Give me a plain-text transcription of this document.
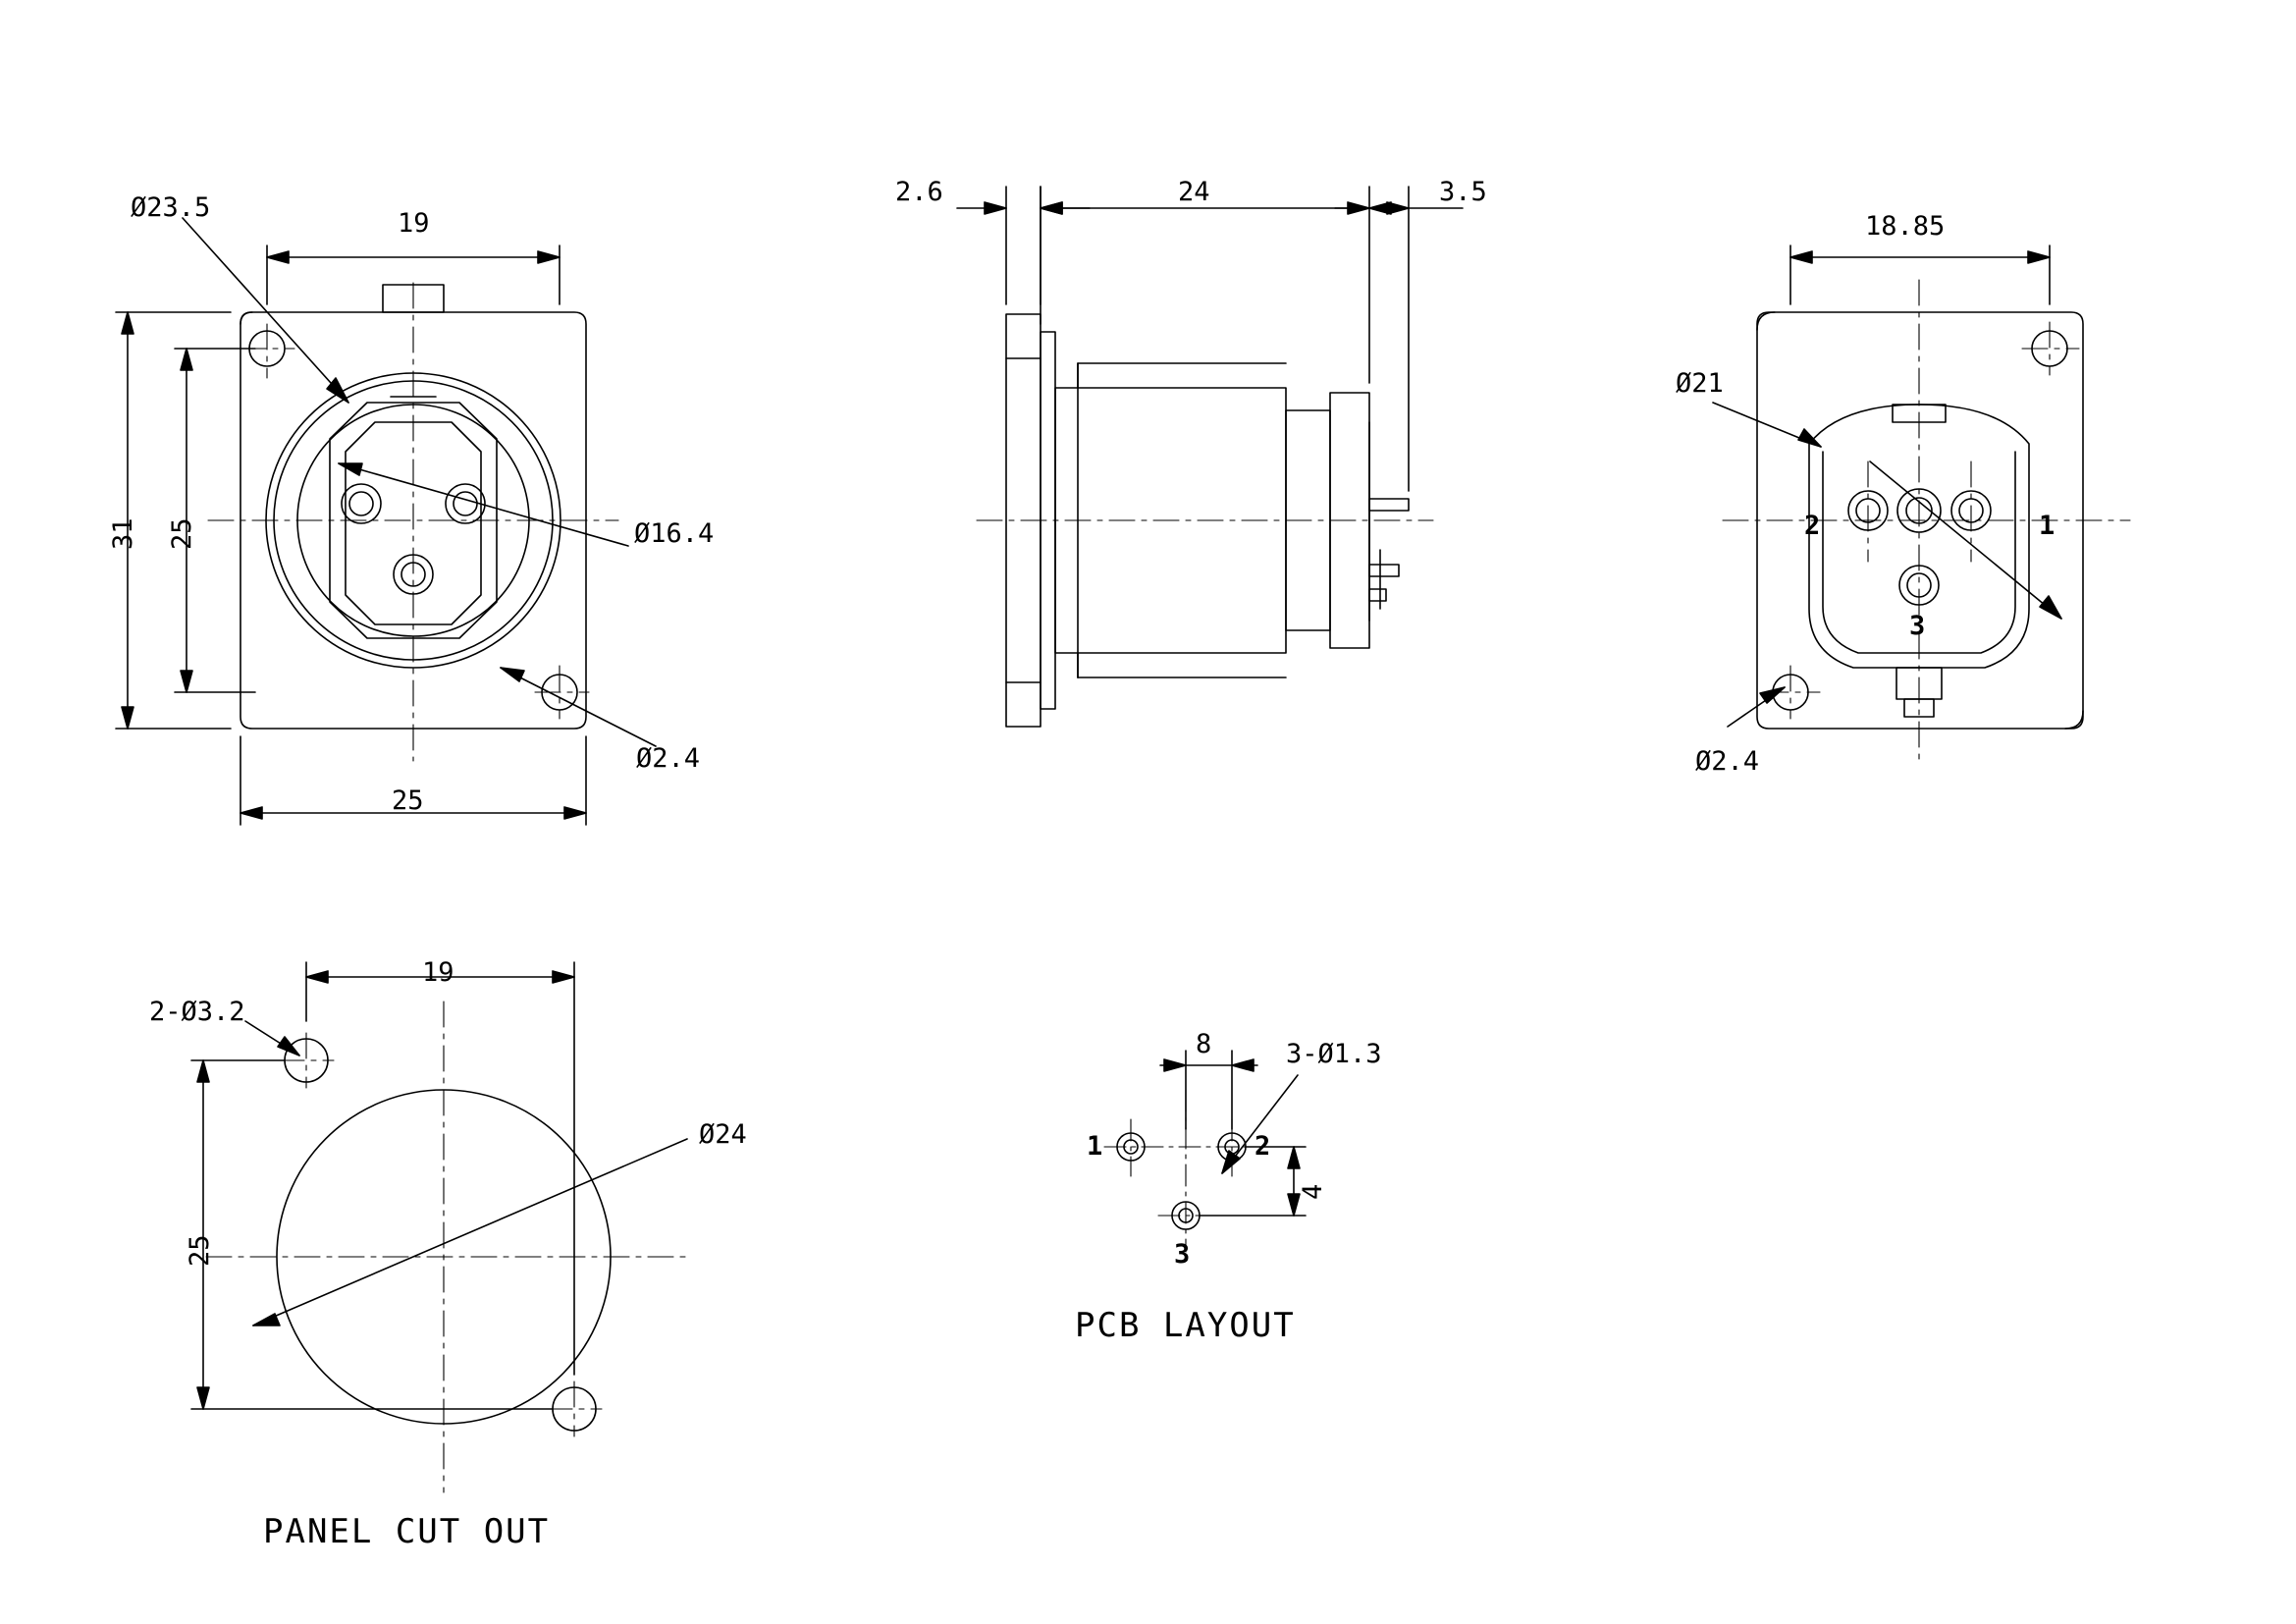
Ø23.5
19
31 25
25
Ø16.4
Ø2.4
2.6	24	3.5
18.85
Ø21
Ø2.4
2	1
3
2-Ø3.2
19
25
Ø24
PANEL CUT OUT
8	3-Ø1.3
4
1	2
3
PCB LAYOUT
